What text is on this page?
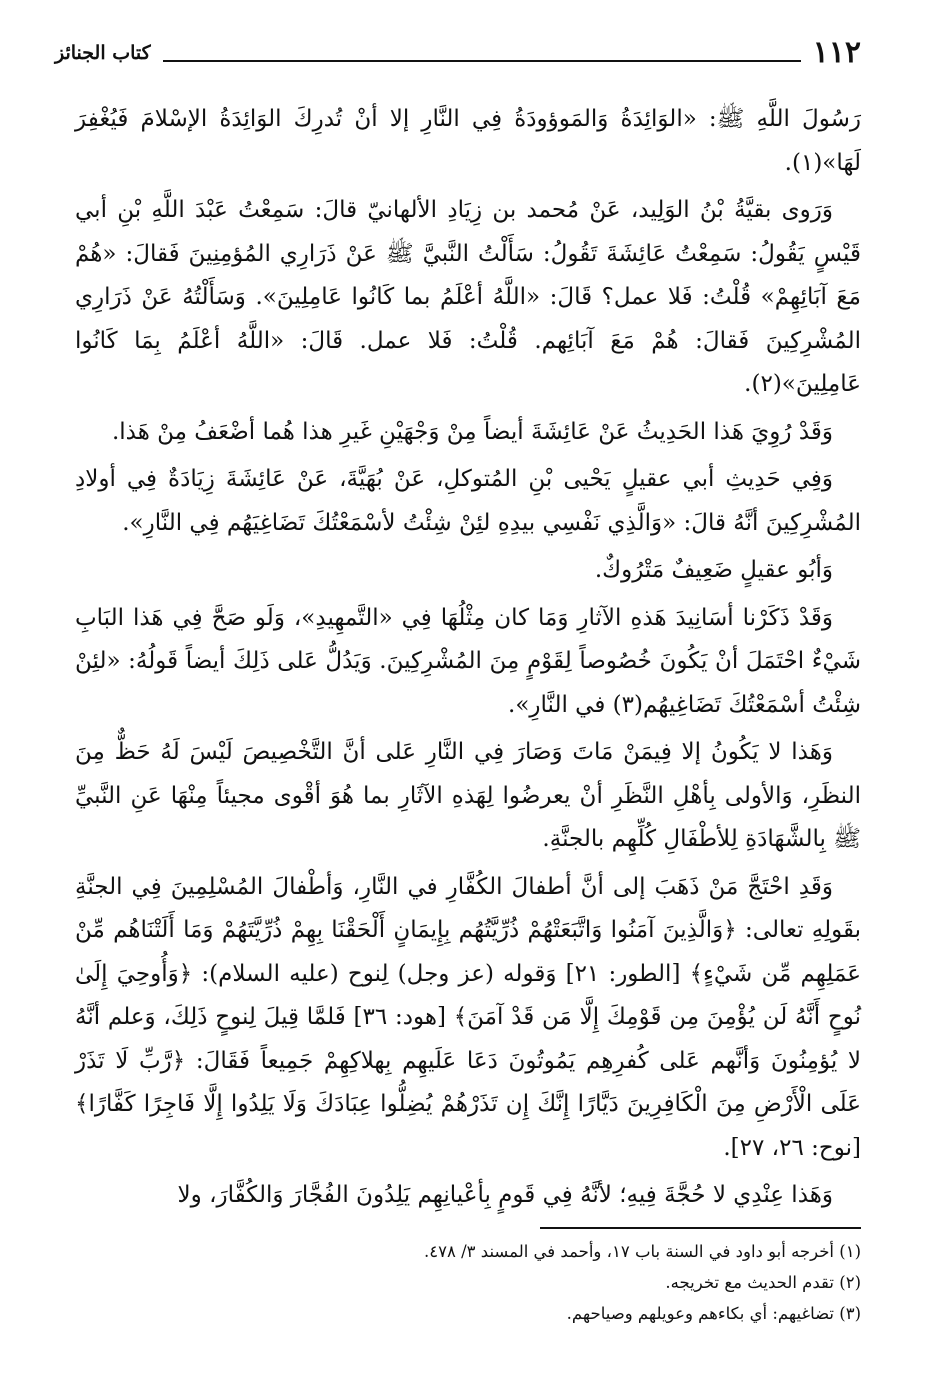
١١٢
كتاب الجنائز

رَسُولَ اللَّهِ ﷺ: «الوَائِدَةُ وَالمَوؤودَةُ فِي النَّارِ إلا أنْ تُدرِكَ الوَائِدَةُ الإسْلامَ فَيُغْفِرَ لَهَا»(١).

وَرَوى بقيَّةُ بْنُ الوَلِيد، عَنْ مُحمد بن زِيَادِ الألهانيّ قالَ: سَمِعْتُ عَبْدَ اللَّهِ بْنِ أبي قَيْسٍ يَقُولُ: سَمِعْتُ عَائِشَةَ تَقُولُ: سَأَلْتُ النَّبيَّ ﷺ عَنْ ذَرَارِي المُؤمِنِينَ فَقالَ: «هُمْ مَعَ آبَائِهِمْ» قُلْتُ: فَلا عمل؟ قَالَ: «اللَّهُ أعْلَمُ بما كَانُوا عَامِلِينَ». وَسَأَلْتُهُ عَنْ ذَرَارِي المُشْرِكِينَ فَقالَ: هُمْ مَعَ آبَائِهم. قُلْتُ: فَلا عمل. قَالَ: «اللَّهُ أعْلَمُ بِمَا كَانُوا عَامِلِينَ»(٢).

وَقَدْ رُوِيَ هَذا الحَدِيثُ عَنْ عَائِشَةَ أيضاً مِنْ وَجْهَيْنِ غَيرِ هذا هُما أضْعَفُ مِنْ هَذا.

وَفِي حَدِيثِ أبي عقيلٍ يَحْيى بْنِ المُتوكلِ، عَنْ بُهَيَّةَ، عَنْ عَائِشَةَ زِيَادَةٌ فِي أولادِ المُشْرِكِينَ أنَّهُ قالَ: «وَالَّذِي نَفْسِي بيدِهِ لئِنْ شِئْتُ لأسْمَعْتُكَ تَضَاغِيَهُم فِي النَّارِ».

وَأبُو عقيلٍ ضَعِيفٌ مَتْرُوكٌ.

وَقَدْ ذَكَرْنا أسَانِيدَ هَذهِ الآثارِ وَمَا كان مِثْلُهَا فِي «التَّمهِيدِ»، وَلَو صَحَّ فِي هَذا البَابِ شَيْءٌ احْتَمَلَ أنْ يَكُونَ خُصُوصاً لِقَوْمٍ مِنَ المُشْرِكِينَ. وَيَدُلُّ عَلى ذَلِكَ أيضاً قَولُهُ: «لئِنْ شِئْتُ أسْمَعْتُكَ تَضَاغِيهُم(٣) في النَّارِ».

وَهَذا لا يَكُونُ إلا فِيمَنْ مَاتَ وَصَارَ فِي النَّارِ عَلى أنَّ التَّخْصِيصَ لَيْسَ لَهُ حَظٌّ مِنَ النظَرِ، وَالأولى بِأهْلِ النَّظَرِ أنْ يعرضُوا لِهَذهِ الآثَارِ بما هُوَ أقْوى مجيئاً مِنْهَا عَنِ النَّبيِّ ﷺ بِالشَّهَادَةِ لِلأطْفَالِ كُلِّهِم بالجنَّةِ.

وَقَدِ احْتَجَّ مَنْ ذَهَبَ إلى أنَّ أطفالَ الكُفَّارِ في النَّارِ، وَأطْفالَ المُسْلِمِينَ فِي الجنَّةِ بقَولِهِ تعالى: ﴿وَالَّذِينَ آمَنُوا وَاتَّبَعَتْهُمْ ذُرِّيَّتُهُم بِإِيمَانٍ أَلْحَقْنَا بِهِمْ ذُرِّيَّتَهُمْ وَمَا أَلَتْنَاهُم مِّنْ عَمَلِهِم مِّن شَيْءٍ﴾ [الطور: ٢١] وَقوله (عز وجل) لِنوح (عليه السلام): ﴿وَأُوحِيَ إِلَىٰ نُوحٍ أَنَّهُ لَن يُؤْمِنَ مِن قَوْمِكَ إِلَّا مَن قَدْ آمَنَ﴾ [هود: ٣٦] فَلمَّا قِيلَ لِنوحٍ ذَلِكَ، وَعلم أنَّهُ لا يُؤمِنُونَ وَأنَّهم عَلى كُفرِهِم يَمُوتُونَ دَعَا عَلَيهِم بِهلاكِهِمْ جَمِيعاً فَقَالَ: ﴿رَّبِّ لَا تَذَرْ عَلَى الْأَرْضِ مِنَ الْكَافِرِينَ دَيَّارًا إِنَّكَ إِن تَذَرْهُمْ يُضِلُّوا عِبَادَكَ وَلَا يَلِدُوا إِلَّا فَاجِرًا كَفَّارًا﴾ [نوح: ٢٦، ٢٧].

وَهَذا عِنْدِي لا حُجَّةَ فِيهِ؛ لأنَّهُ فِي قَومٍ بِأعْيانِهِم يَلِدُونَ الفُجَّارَ وَالكُفَّارَ، ولا

(١) أخرجه أبو داود في السنة باب ١٧، وأحمد في المسند ٣/ ٤٧٨.
(٢) تقدم الحديث مع تخريجه.
(٣) تضاغيهم: أي بكاءهم وعويلهم وصياحهم.
